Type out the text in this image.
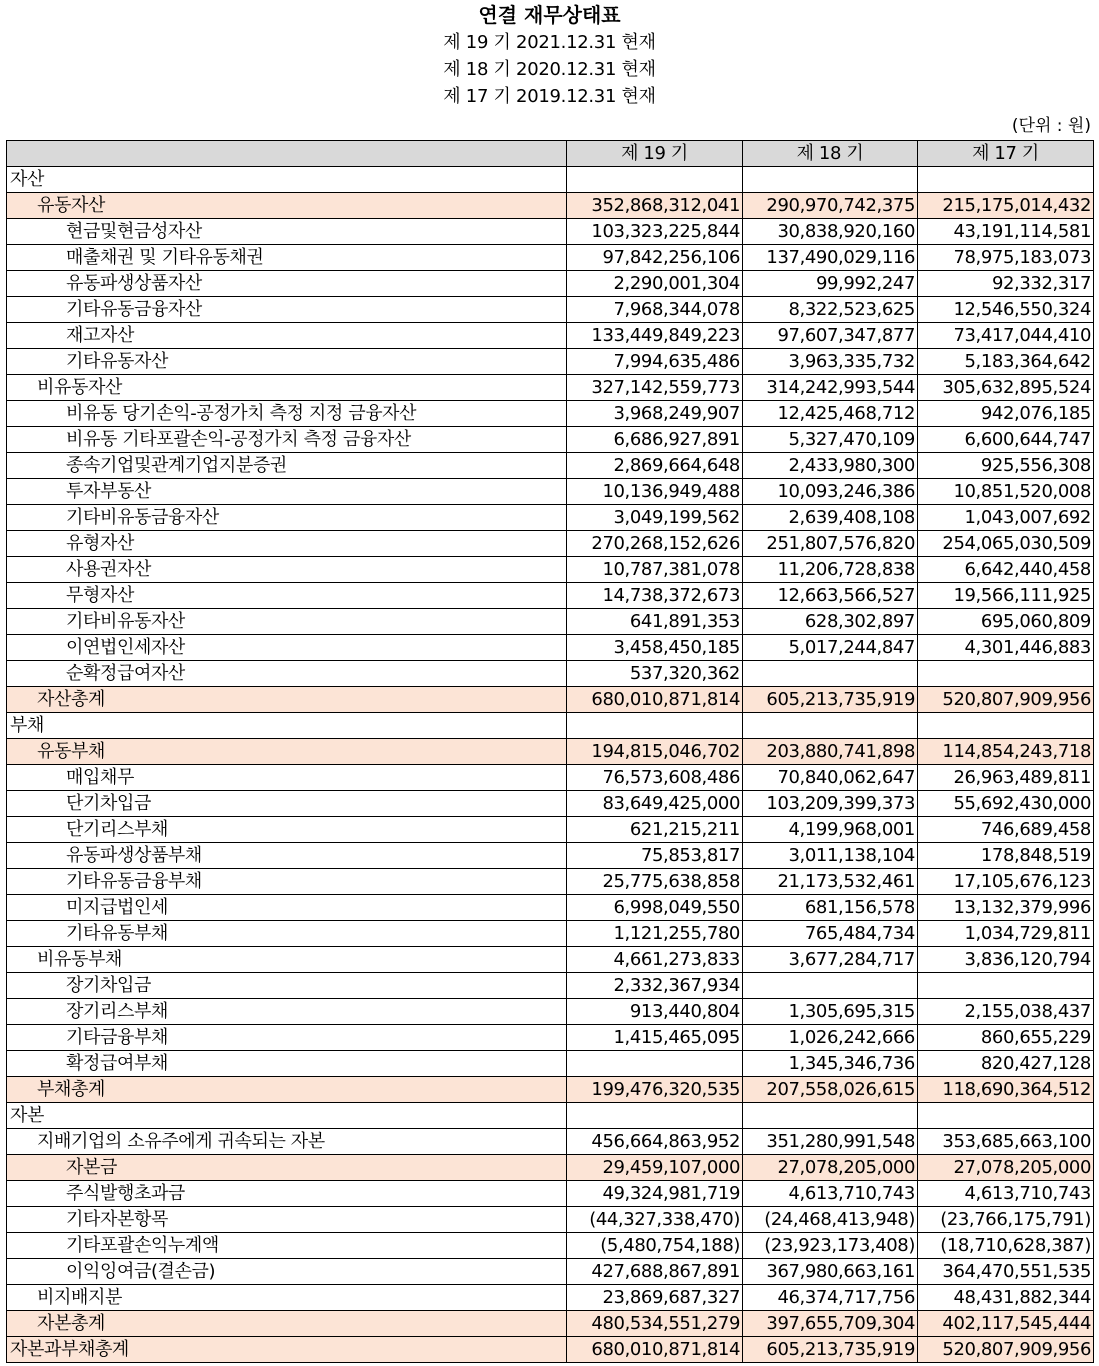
연결 재무상태표
제 19 기 2021.12.31 현재
제 18 기 2020.12.31 현재
제 17 기 2019.12.31 현재
(단위 : 원)
	제 19 기	제 18 기	제 17 기
자산			
유동자산	352,868,312,041	290,970,742,375	215,175,014,432
현금및현금성자산	103,323,225,844	30,838,920,160	43,191,114,581
매출채권 및 기타유동채권	97,842,256,106	137,490,029,116	78,975,183,073
유동파생상품자산	2,290,001,304	99,992,247	92,332,317
기타유동금융자산	7,968,344,078	8,322,523,625	12,546,550,324
재고자산	133,449,849,223	97,607,347,877	73,417,044,410
기타유동자산	7,994,635,486	3,963,335,732	5,183,364,642
비유동자산	327,142,559,773	314,242,993,544	305,632,895,524
비유동 당기손익-공정가치 측정 지정 금융자산	3,968,249,907	12,425,468,712	942,076,185
비유동 기타포괄손익-공정가치 측정 금융자산	6,686,927,891	5,327,470,109	6,600,644,747
종속기업및관계기업지분증권	2,869,664,648	2,433,980,300	925,556,308
투자부동산	10,136,949,488	10,093,246,386	10,851,520,008
기타비유동금융자산	3,049,199,562	2,639,408,108	1,043,007,692
유형자산	270,268,152,626	251,807,576,820	254,065,030,509
사용권자산	10,787,381,078	11,206,728,838	6,642,440,458
무형자산	14,738,372,673	12,663,566,527	19,566,111,925
기타비유동자산	641,891,353	628,302,897	695,060,809
이연법인세자산	3,458,450,185	5,017,244,847	4,301,446,883
순확정급여자산	537,320,362		
자산총계	680,010,871,814	605,213,735,919	520,807,909,956
부채			
유동부채	194,815,046,702	203,880,741,898	114,854,243,718
매입채무	76,573,608,486	70,840,062,647	26,963,489,811
단기차입금	83,649,425,000	103,209,399,373	55,692,430,000
단기리스부채	621,215,211	4,199,968,001	746,689,458
유동파생상품부채	75,853,817	3,011,138,104	178,848,519
기타유동금융부채	25,775,638,858	21,173,532,461	17,105,676,123
미지급법인세	6,998,049,550	681,156,578	13,132,379,996
기타유동부채	1,121,255,780	765,484,734	1,034,729,811
비유동부채	4,661,273,833	3,677,284,717	3,836,120,794
장기차입금	2,332,367,934		
장기리스부채	913,440,804	1,305,695,315	2,155,038,437
기타금융부채	1,415,465,095	1,026,242,666	860,655,229
확정급여부채		1,345,346,736	820,427,128
부채총계	199,476,320,535	207,558,026,615	118,690,364,512
자본			
지배기업의 소유주에게 귀속되는 자본	456,664,863,952	351,280,991,548	353,685,663,100
자본금	29,459,107,000	27,078,205,000	27,078,205,000
주식발행초과금	49,324,981,719	4,613,710,743	4,613,710,743
기타자본항목	(44,327,338,470)	(24,468,413,948)	(23,766,175,791)
기타포괄손익누계액	(5,480,754,188)	(23,923,173,408)	(18,710,628,387)
이익잉여금(결손금)	427,688,867,891	367,980,663,161	364,470,551,535
비지배지분	23,869,687,327	46,374,717,756	48,431,882,344
자본총계	480,534,551,279	397,655,709,304	402,117,545,444
자본과부채총계	680,010,871,814	605,213,735,919	520,807,909,956
